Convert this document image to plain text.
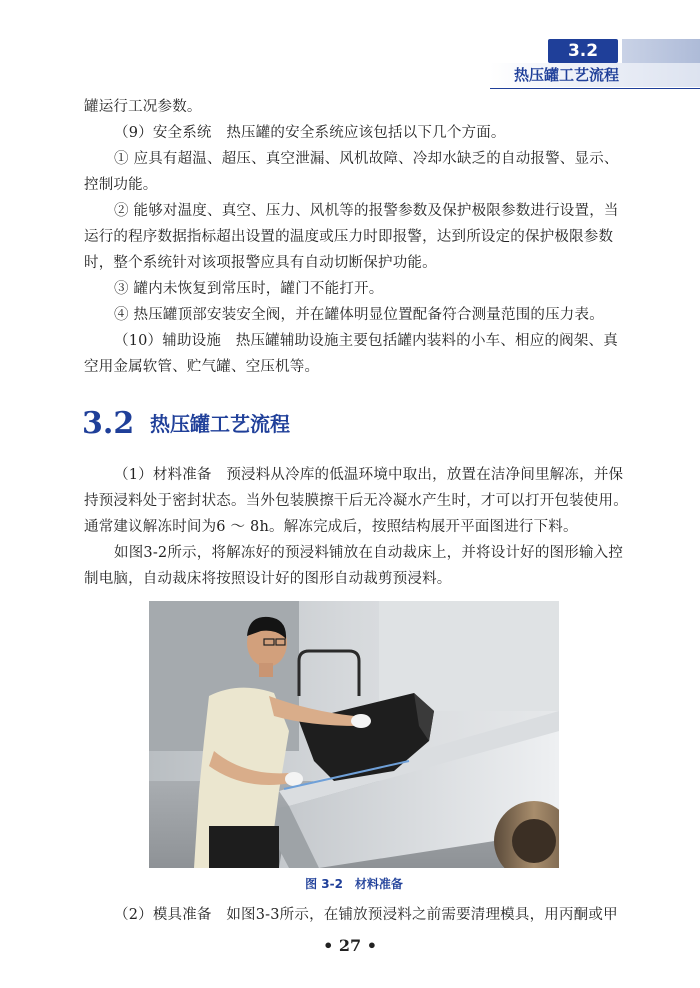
3.2
热压罐工艺流程

罐运行工况参数。

（9）安全系统　热压罐的安全系统应该包括以下几个方面。

① 应具有超温、超压、真空泄漏、风机故障、冷却水缺乏的自动报警、显示、控制功能。

② 能够对温度、真空、压力、风机等的报警参数及保护极限参数进行设置，当运行的程序数据指标超出设置的温度或压力时即报警，达到所设定的保护极限参数时，整个系统针对该项报警应具有自动切断保护功能。

③ 罐内未恢复到常压时，罐门不能打开。

④ 热压罐顶部安装安全阀，并在罐体明显位置配备符合测量范围的压力表。

（10）辅助设施　热压罐辅助设施主要包括罐内装料的小车、相应的阀架、真空用金属软管、贮气罐、空压机等。

3.2 热压罐工艺流程

（1）材料准备　预浸料从冷库的低温环境中取出，放置在洁净间里解冻，并保持预浸料处于密封状态。当外包装膜擦干后无冷凝水产生时，才可以打开包装使用。通常建议解冻时间为6 ～ 8h。解冻完成后，按照结构展开平面图进行下料。

如图3-2所示，将解冻好的预浸料铺放在自动裁床上，并将设计好的图形输入控制电脑，自动裁床将按照设计好的图形自动裁剪预浸料。

图 3-2　材料准备

（2）模具准备　如图3-3所示，在铺放预浸料之前需要清理模具，用丙酮或甲

• 27 •
